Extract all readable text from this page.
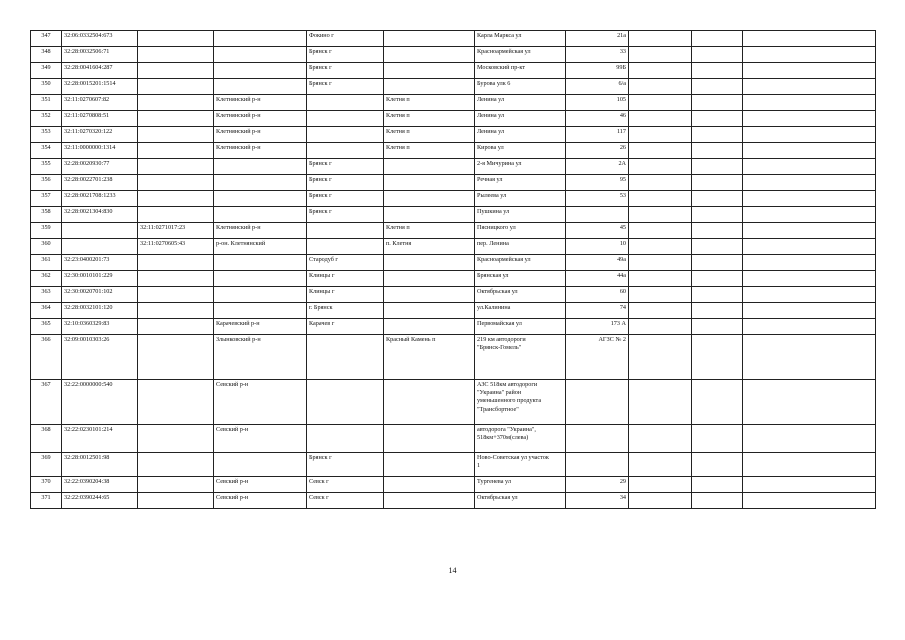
347	32:06:0332504:673			Фокино г		Карла Маркса ул	21а			
348	32:28:0032506:71			Брянск г		Красноармейская ул	33			
349	32:28:0041604:287			Брянск г		Московский пр-кт	99Б			
350	32:28:0015201:1514			Брянск г		Бурова улк 6	6/а			
351	32:11:0270607:82		Клетнянский р-н		Клетня п	Ленина ул	105			
352	32:11:0270808:51		Клетнянский р-н		Клетня п	Ленина ул	46			
353	32:11:0270320:122		Клетнянский р-н		Клетня п	Ленина ул	117			
354	32:11:0000000:1314		Клетнянский р-н		Клетня п	Кирова ул	26			
355	32:28:0020930:77			Брянск г		2-я Мичурина ул	2А			
356	32:28:0022701:238			Брянск г		Речная ул	95			
357	32:28:0021708:1233			Брянск г		Рылеева ул	53			
358	32:28:0021304:830			Брянск г		Пушкина ул				
359		32:11:0271017:23	Клетнянский р-н		Клетня п	Пясницкого ул	45			
360		32:11:0270605:43	р-он. Клетнянский		п. Клетня	пер. Ленина	10			
361	32:23:0400201:73			Стародуб г		Красноармейская ул	49а			
362	32:30:0010101:229			Клинцы г		Брянская ул	44а			
363	32:30:0020701:102			Клинцы г		Октябрьская ул	60			
364	32:28:0032101:120			г. Брянск		ул.Калинина	74			
365	32:10:0360329:83		Карачевский р-н	Карачев г		Первомайская ул	173 А			
366	32:09:0010303:26		Злынковский р-н		Красный Камень п	219 км автодороги
"Брянск-Гомель"	АГЗС № 2			
367	32:22:0000000:540		Севский р-н			АЗС 518км автодороги
"Украина" район
уменьшенного продукта
"Трансбортное"				
368	32:22:0230101:214		Севский р-н			автодорога "Украина",
518км+370м(слева)				
369	32:28:0012501:98			Брянск г		Ново-Советская ул участок
1				
370	32:22:0390204:38		Севский р-н	Севск г		Тургенева ул	29			
371	32:22:0390244:65		Севский р-н	Севск г		Октябрьская ул	34			
14
